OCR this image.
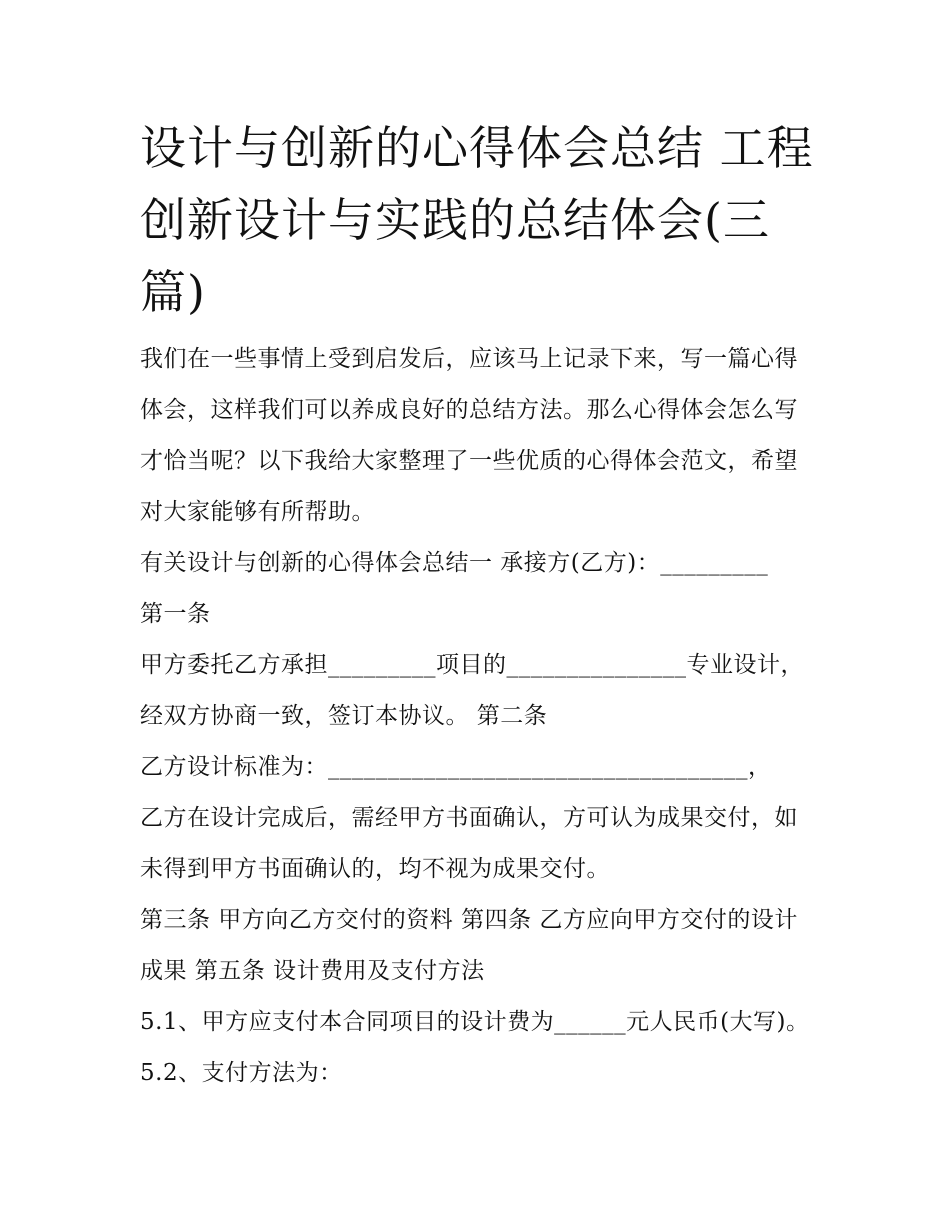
设计与创新的心得体会总结 工程创新设计与实践的总结体会(三篇)

我们在一些事情上受到启发后，应该马上记录下来，写一篇心得体会，这样我们可以养成良好的总结方法。那么心得体会怎么写才恰当呢？以下我给大家整理了一些优质的心得体会范文，希望对大家能够有所帮助。

有关设计与创新的心得体会总结一 承接方(乙方)：_________

第一条

甲方委托乙方承担_________项目的_______________专业设计，经双方协商一致，签订本协议。 第二条

乙方设计标准为：___________________________________，

乙方在设计完成后，需经甲方书面确认，方可认为成果交付，如未得到甲方书面确认的，均不视为成果交付。

第三条 甲方向乙方交付的资料 第四条 乙方应向甲方交付的设计成果 第五条 设计费用及支付方法

5.1、甲方应支付本合同项目的设计费为______元人民币(大写)。 5.2、支付方法为：
